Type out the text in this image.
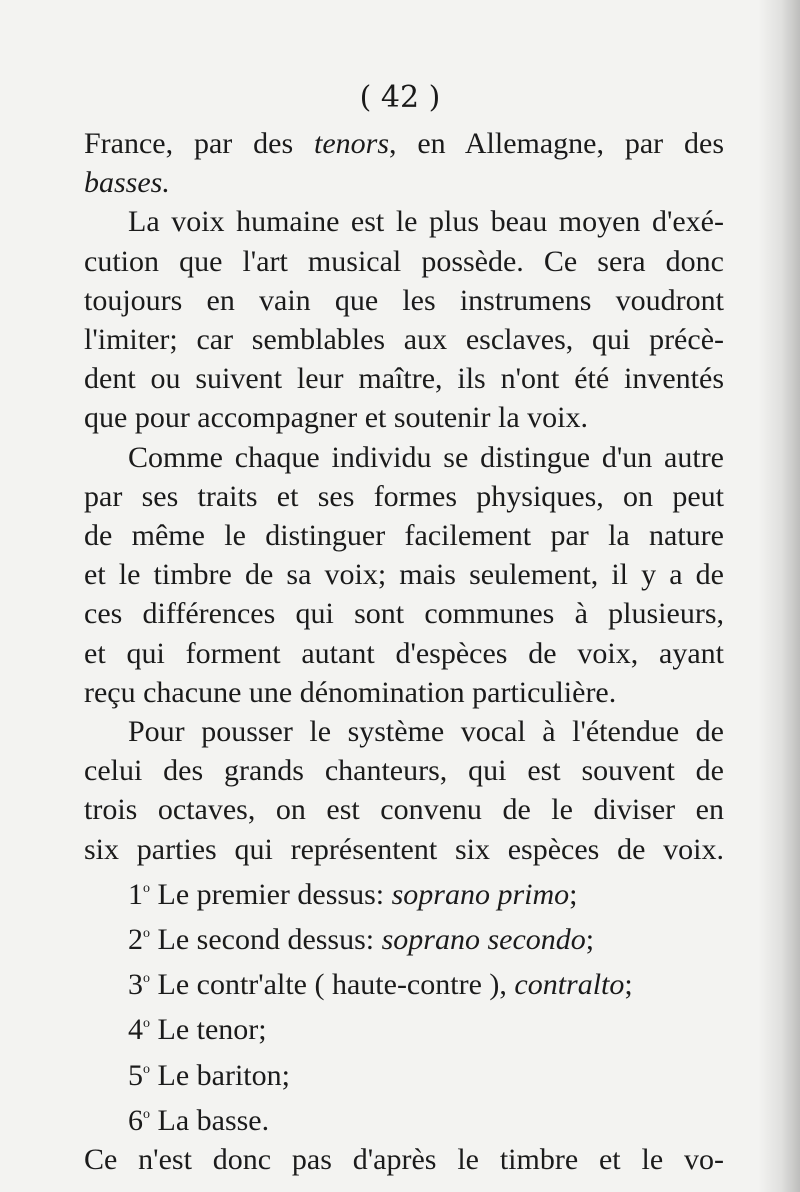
( 42 )

France, par des tenors, en Allemagne, par des

basses.

La voix humaine est le plus beau moyen d'exé-

cution que l'art musical possède. Ce sera donc

toujours en vain que les instrumens voudront

l'imiter; car semblables aux esclaves, qui précè-

dent ou suivent leur maître, ils n'ont été inventés

que pour accompagner et soutenir la voix.

Comme chaque individu se distingue d'un autre

par ses traits et ses formes physiques, on peut

de même le distinguer facilement par la nature

et le timbre de sa voix; mais seulement, il y a de

ces différences qui sont communes à plusieurs,

et qui forment autant d'espèces de voix, ayant

reçu chacune une dénomination particulière.

Pour pousser le système vocal à l'étendue de

celui des grands chanteurs, qui est souvent de

trois octaves, on est convenu de le diviser en

six parties qui représentent six espèces de voix.

1$^o$ Le premier dessus: soprano primo;

2$^o$ Le second dessus: soprano secondo;

3$^o$ Le contr'alte ( haute-contre ), contralto;

4$^o$ Le tenor;

5$^o$ Le bariton;

6$^o$ La basse.

Ce n'est donc pas d'après le timbre et le vo-
